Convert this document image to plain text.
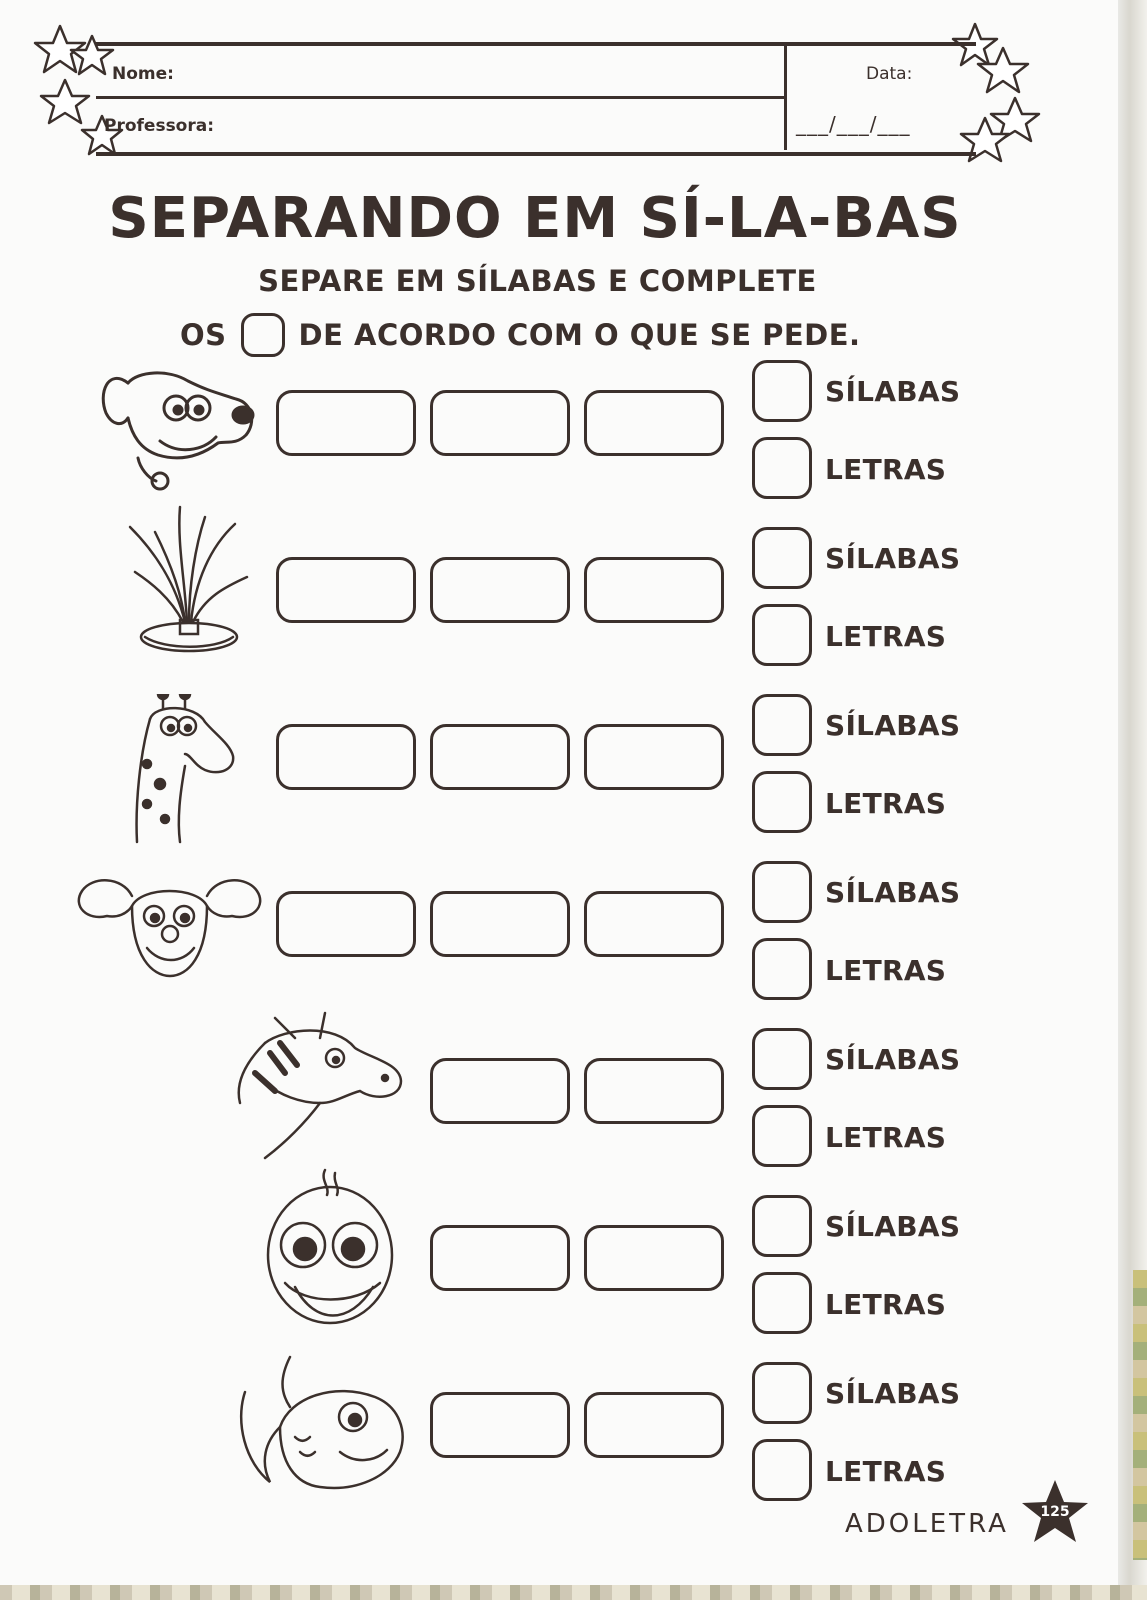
Nome:
Professora:
Data:
___/___/___
SEPARANDO EM SÍ-LA-BAS
SEPARE EM SÍLABAS E COMPLETE
OS DE ACORDO COM O QUE SE PEDE.
SÍLABAS
LETRAS
SÍLABAS
LETRAS
SÍLABAS
LETRAS
SÍLABAS
LETRAS
SÍLABAS
LETRAS
SÍLABAS
LETRAS
SÍLABAS
LETRAS
ADOLETRA	125
